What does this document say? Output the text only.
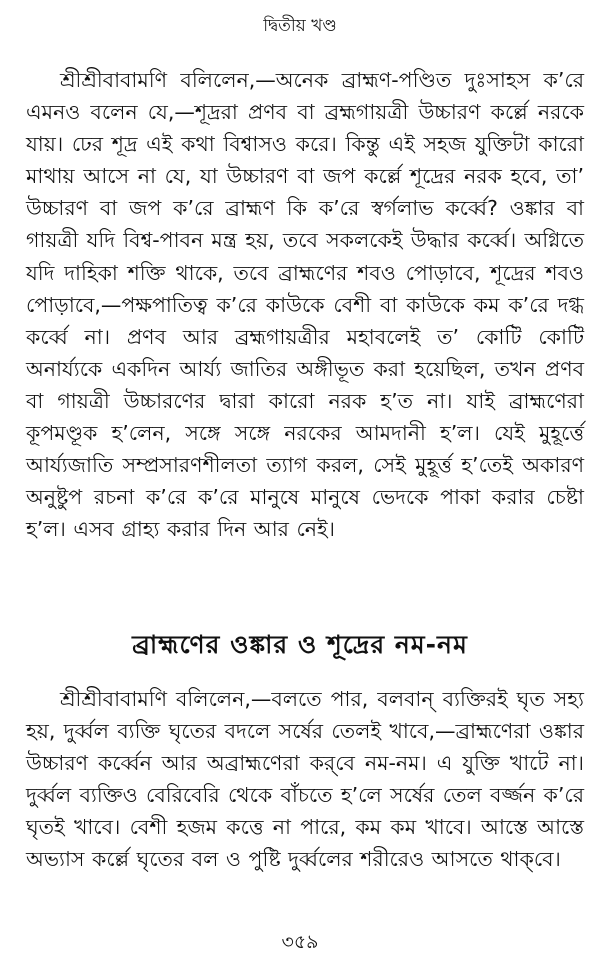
দ্বিতীয় খণ্ড

শ্রীশ্রীবাবামণি বলিলেন,—অনেক ব্রাহ্মণ-পণ্ডিত দুঃসাহস ক’রে এমনও বলেন যে,—শূদ্ররা প্রণব বা ব্রহ্মগায়ত্রী উচ্চারণ কর্ল্লে নরকে যায়। ঢের শূদ্র এই কথা বিশ্বাসও করে। কিন্তু এই সহজ যুক্তিটা কারো মাথায় আসে না যে, যা উচ্চারণ বা জপ কর্ল্লে শূদ্রের নরক হবে, তা’ উচ্চারণ বা জপ ক’রে ব্রাহ্মণ কি ক’রে স্বর্গলাভ কর্ব্বে? ওঙ্কার বা গায়ত্রী যদি বিশ্ব-পাবন মন্ত্র হয়, তবে সকলকেই উদ্ধার কর্ব্বে। অগ্নিতে যদি দাহিকা শক্তি থাকে, তবে ব্রাহ্মণের শবও পোড়াবে, শূদ্রের শবও পোড়াবে,—পক্ষপাতিত্ব ক’রে কাউকে বেশী বা কাউকে কম ক’রে দগ্ধ কর্ব্বে না। প্রণব আর ব্রহ্মগায়ত্রীর মহাবলেই ত’ কোটি কোটি অনার্য্যকে একদিন আর্য্য জাতির অঙ্গীভূত করা হয়েছিল, তখন প্রণব বা গায়ত্রী উচ্চারণের দ্বারা কারো নরক হ’ত না। যাই ব্রাহ্মণেরা কূপমণ্ডূক হ’লেন, সঙ্গে সঙ্গে নরকের আমদানী হ’ল। যেই মুহূর্ত্তে আর্য্যজাতি সম্প্রসারণশীলতা ত্যাগ করল, সেই মুহূর্ত্ত হ’তেই অকারণ অনুষ্টুপ রচনা ক’রে ক’রে মানুষে মানুষে ভেদকে পাকা করার চেষ্টা হ’ল। এসব গ্রাহ্য করার দিন আর নেই।

ব্রাহ্মণের ওঙ্কার ও শূদ্রের নম-নম

শ্রীশ্রীবাবামণি বলিলেন,—বলতে পার, বলবান্ ব্যক্তিরই ঘৃত সহ্য হয়, দুর্ব্বল ব্যক্তি ঘৃতের বদলে সর্ষের তেলই খাবে,—ব্রাহ্মণেরা ওঙ্কার উচ্চারণ কর্ব্বেন আর অব্রাহ্মণেরা কর্‌বে নম-নম। এ যুক্তি খাটে না। দুর্ব্বল ব্যক্তিও বেরিবেরি থেকে বাঁচতে হ’লে সর্ষের তেল বর্জ্জন ক’রে ঘৃতই খাবে। বেশী হজম কত্তে না পারে, কম কম খাবে। আস্তে আস্তে অভ্যাস কর্ল্লে ঘৃতের বল ও পুষ্টি দুর্ব্বলের শরীরেও আসতে থাক্‌বে।

৩৫৯
